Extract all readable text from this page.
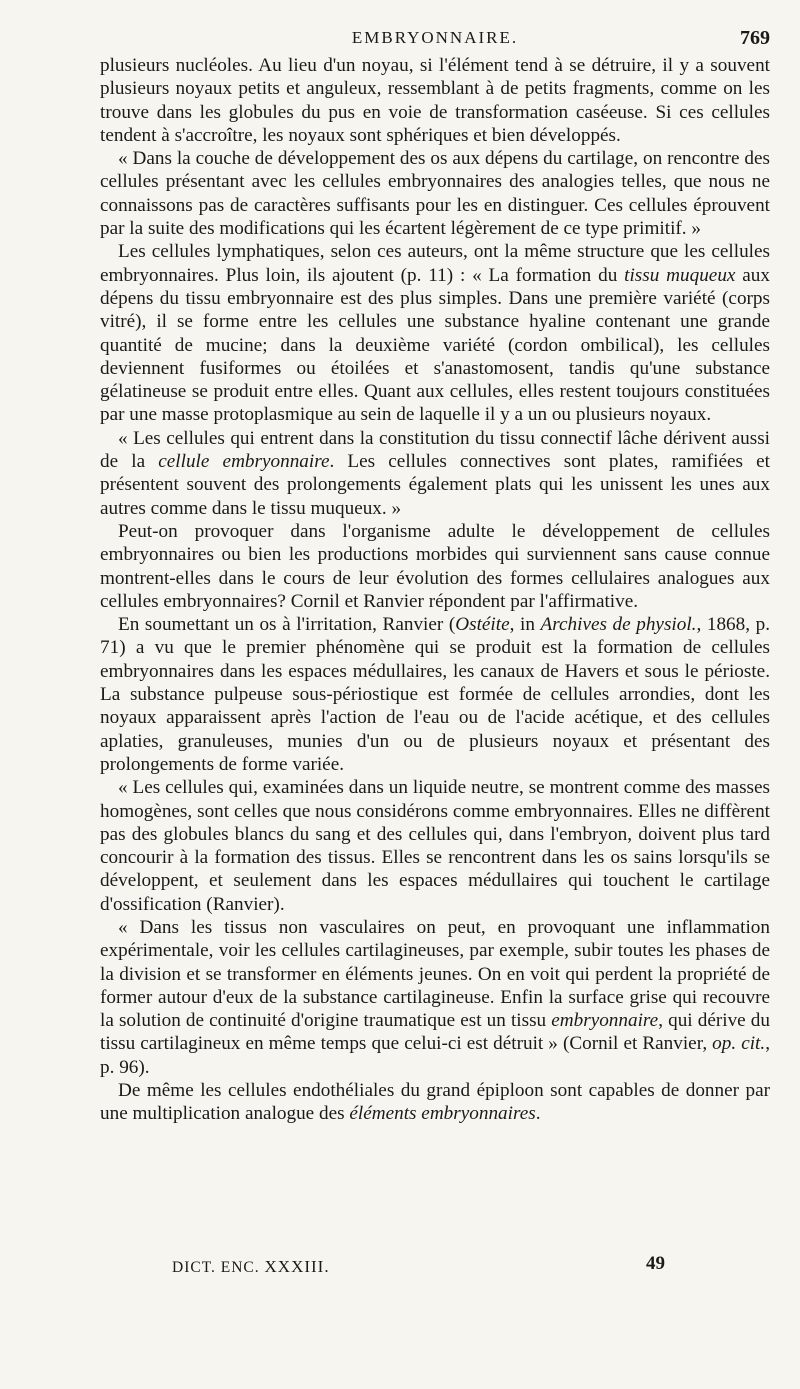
EMBRYONNAIRE.	769

plusieurs nucléoles. Au lieu d'un noyau, si l'élément tend à se détruire, il y a souvent plusieurs noyaux petits et anguleux, ressemblant à de petits fragments, comme on les trouve dans les globules du pus en voie de transformation caséeuse. Si ces cellules tendent à s'accroître, les noyaux sont sphériques et bien développés.

« Dans la couche de développement des os aux dépens du cartilage, on rencontre des cellules présentant avec les cellules embryonnaires des analogies telles, que nous ne connaissons pas de caractères suffisants pour les en distinguer. Ces cellules éprouvent par la suite des modifications qui les écartent légèrement de ce type primitif. »

Les cellules lymphatiques, selon ces auteurs, ont la même structure que les cellules embryonnaires. Plus loin, ils ajoutent (p. 11) : « La formation du tissu muqueux aux dépens du tissu embryonnaire est des plus simples. Dans une première variété (corps vitré), il se forme entre les cellules une substance hyaline contenant une grande quantité de mucine; dans la deuxième variété (cordon ombilical), les cellules deviennent fusiformes ou étoilées et s'anastomosent, tandis qu'une substance gélatineuse se produit entre elles. Quant aux cellules, elles restent toujours constituées par une masse protoplasmique au sein de laquelle il y a un ou plusieurs noyaux.

« Les cellules qui entrent dans la constitution du tissu connectif lâche dérivent aussi de la cellule embryonnaire. Les cellules connectives sont plates, ramifiées et présentent souvent des prolongements également plats qui les unissent les unes aux autres comme dans le tissu muqueux. »

Peut-on provoquer dans l'organisme adulte le développement de cellules embryonnaires ou bien les productions morbides qui surviennent sans cause connue montrent-elles dans le cours de leur évolution des formes cellulaires analogues aux cellules embryonnaires? Cornil et Ranvier répondent par l'affirmative.

En soumettant un os à l'irritation, Ranvier (Ostéite, in Archives de physiol., 1868, p. 71) a vu que le premier phénomène qui se produit est la formation de cellules embryonnaires dans les espaces médullaires, les canaux de Havers et sous le périoste. La substance pulpeuse sous-périostique est formée de cellules arrondies, dont les noyaux apparaissent après l'action de l'eau ou de l'acide acétique, et des cellules aplaties, granuleuses, munies d'un ou de plusieurs noyaux et présentant des prolongements de forme variée.

« Les cellules qui, examinées dans un liquide neutre, se montrent comme des masses homogènes, sont celles que nous considérons comme embryonnaires. Elles ne diffèrent pas des globules blancs du sang et des cellules qui, dans l'embryon, doivent plus tard concourir à la formation des tissus. Elles se rencontrent dans les os sains lorsqu'ils se développent, et seulement dans les espaces médullaires qui touchent le cartilage d'ossification (Ranvier).

« Dans les tissus non vasculaires on peut, en provoquant une inflammation expérimentale, voir les cellules cartilagineuses, par exemple, subir toutes les phases de la division et se transformer en éléments jeunes. On en voit qui perdent la propriété de former autour d'eux de la substance cartilagineuse. Enfin la surface grise qui recouvre la solution de continuité d'origine traumatique est un tissu embryonnaire, qui dérive du tissu cartilagineux en même temps que celui-ci est détruit » (Cornil et Ranvier, op. cit., p. 96).

De même les cellules endothéliales du grand épiploon sont capables de donner par une multiplication analogue des éléments embryonnaires.

DICT. ENC. XXXIII.	49
